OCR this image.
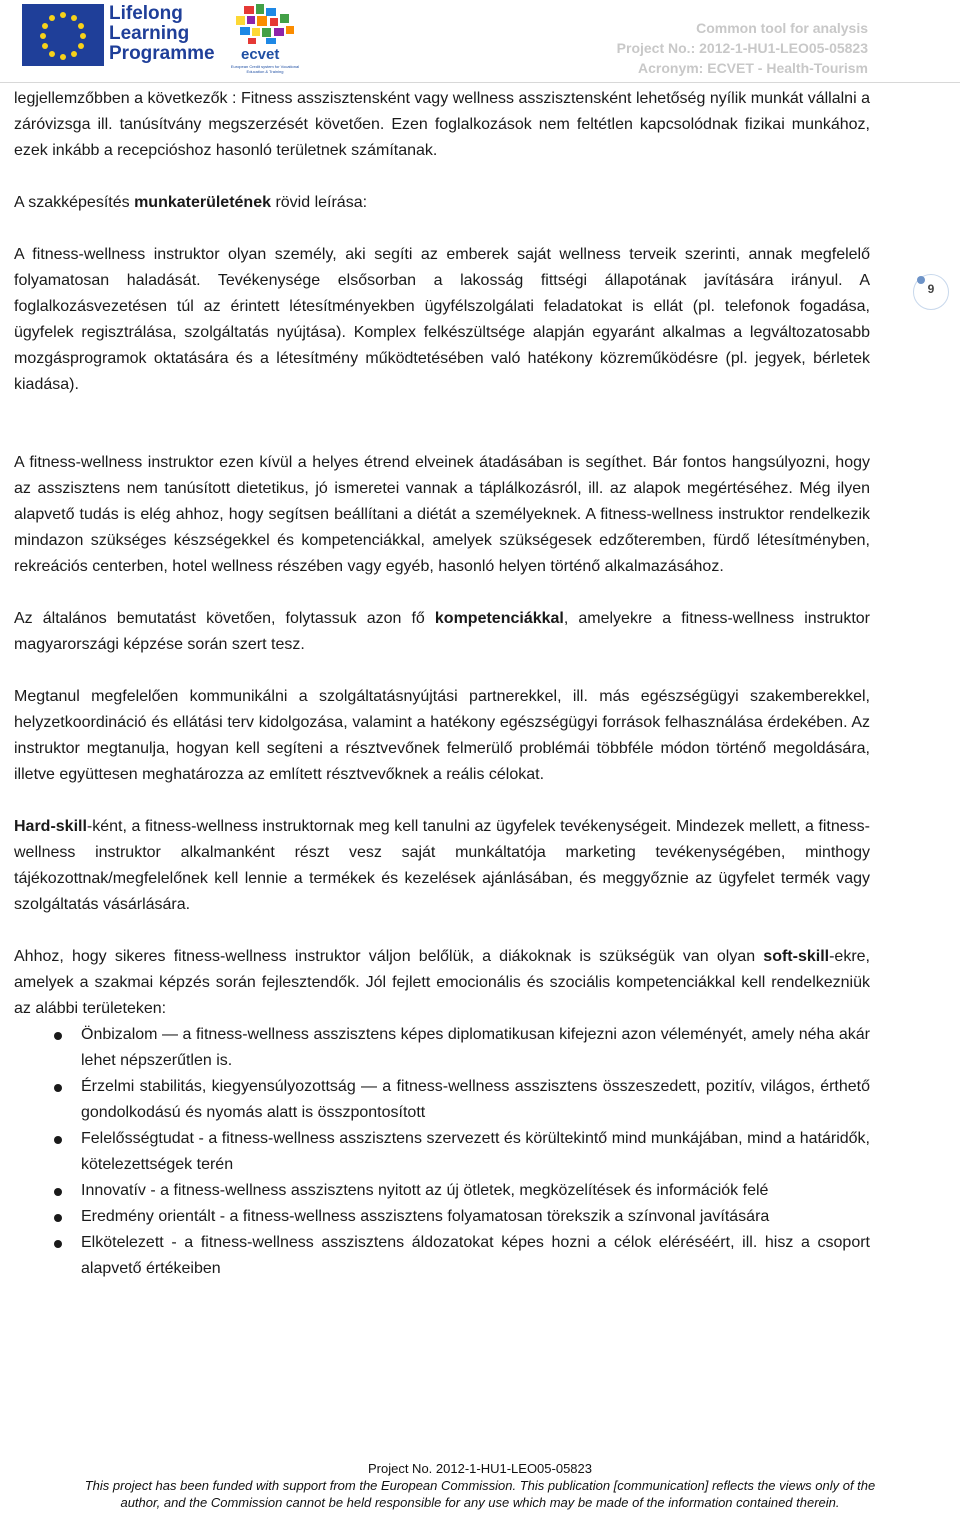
Lifelong
Learning
Programme ecvet
European Credit system for Vocational Education & Training
Common tool for analysis
Project No.: 2012-1-HU1-LEO05-05823
Acronym: ECVET - Health-Tourism
9

legjellemzőbben a következők : Fitness asszisztensként vagy wellness asszisztensként lehetőség nyílik munkát vállalni a záróvizsga ill. tanúsítvány megszerzését követően. Ezen foglalkozások nem feltétlen kapcsolódnak fizikai munkához, ezek inkább a recepcióshoz hasonló területnek számítanak.

A szakképesítés munkaterületének rövid leírása:

A fitness-wellness instruktor olyan személy, aki segíti az emberek saját wellness terveik szerinti, annak megfelelő folyamatosan haladását. Tevékenysége elsősorban a lakosság fittségi állapotának javítására irányul. A foglalkozásvezetésen túl az érintett létesítményekben ügyfélszolgálati feladatokat is ellát (pl. telefonok fogadása, ügyfelek regisztrálása, szolgáltatás nyújtása). Komplex felkészültsége alapján egyaránt alkalmas a legváltozatosabb mozgásprogramok oktatására és a létesítmény működtetésében való hatékony közreműködésre (pl. jegyek, bérletek kiadása).

A fitness-wellness instruktor ezen kívül a helyes étrend elveinek átadásában is segíthet. Bár fontos hangsúlyozni, hogy az asszisztens nem tanúsított dietetikus, jó ismeretei vannak a táplálkozásról, ill. az alapok megértéséhez. Még ilyen alapvető tudás is elég ahhoz, hogy segítsen beállítani a diétát a személyeknek. A fitness-wellness instruktor rendelkezik mindazon szükséges készségekkel és kompetenciákkal, amelyek szükségesek edzőteremben, fürdő létesítményben, rekreációs centerben, hotel wellness részében vagy egyéb, hasonló helyen történő alkalmazásához.

Az általános bemutatást követően, folytassuk azon fő kompetenciákkal, amelyekre a fitness-wellness instruktor magyarországi képzése során szert tesz.

Megtanul megfelelően kommunikálni a szolgáltatásnyújtási partnerekkel, ill. más egészségügyi szakemberekkel, helyzetkoordináció és ellátási terv kidolgozása, valamint a hatékony egészségügyi források felhasználása érdekében. Az instruktor megtanulja, hogyan kell segíteni a résztvevőnek felmerülő problémái többféle módon történő megoldására, illetve együttesen meghatározza az említett résztvevőknek a reális célokat.

Hard-skill-ként, a fitness-wellness instruktornak meg kell tanulni az ügyfelek tevékenységeit. Mindezek mellett, a fitness-wellness instruktor alkalmanként részt vesz saját munkáltatója marketing tevékenységében, minthogy tájékozottnak/megfelelőnek kell lennie a termékek és kezelések ajánlásában, és meggyőznie az ügyfelet termék vagy szolgáltatás vásárlására.

Ahhoz, hogy sikeres fitness-wellness instruktor váljon belőlük, a diákoknak is szükségük van olyan soft-skill-ekre, amelyek a szakmai képzés során fejlesztendők. Jól fejlett emocionális és szociális kompetenciákkal kell rendelkezniük az alábbi területeken:

Önbizalom — a fitness-wellness asszisztens képes diplomatikusan kifejezni azon véleményét, amely néha akár lehet népszerűtlen is.
Érzelmi stabilitás, kiegyensúlyozottság — a fitness-wellness asszisztens összeszedett, pozitív, világos, érthető gondolkodású és nyomás alatt is összpontosított
Felelősségtudat - a fitness-wellness asszisztens szervezett és körültekintő mind munkájában, mind a határidők, kötelezettségek terén
Innovatív - a fitness-wellness asszisztens nyitott az új ötletek, megközelítések és információk felé
Eredmény orientált - a fitness-wellness asszisztens folyamatosan törekszik a színvonal javítására
Elkötelezett - a fitness-wellness asszisztens áldozatokat képes hozni a célok eléréséért, ill. hisz a csoport alapvető értékeiben
Project No. 2012-1-HU1-LEO05-05823
This project has been funded with support from the European Commission. This publication [communication] reflects the views only of the
author, and the Commission cannot be held responsible for any use which may be made of the information contained therein.
